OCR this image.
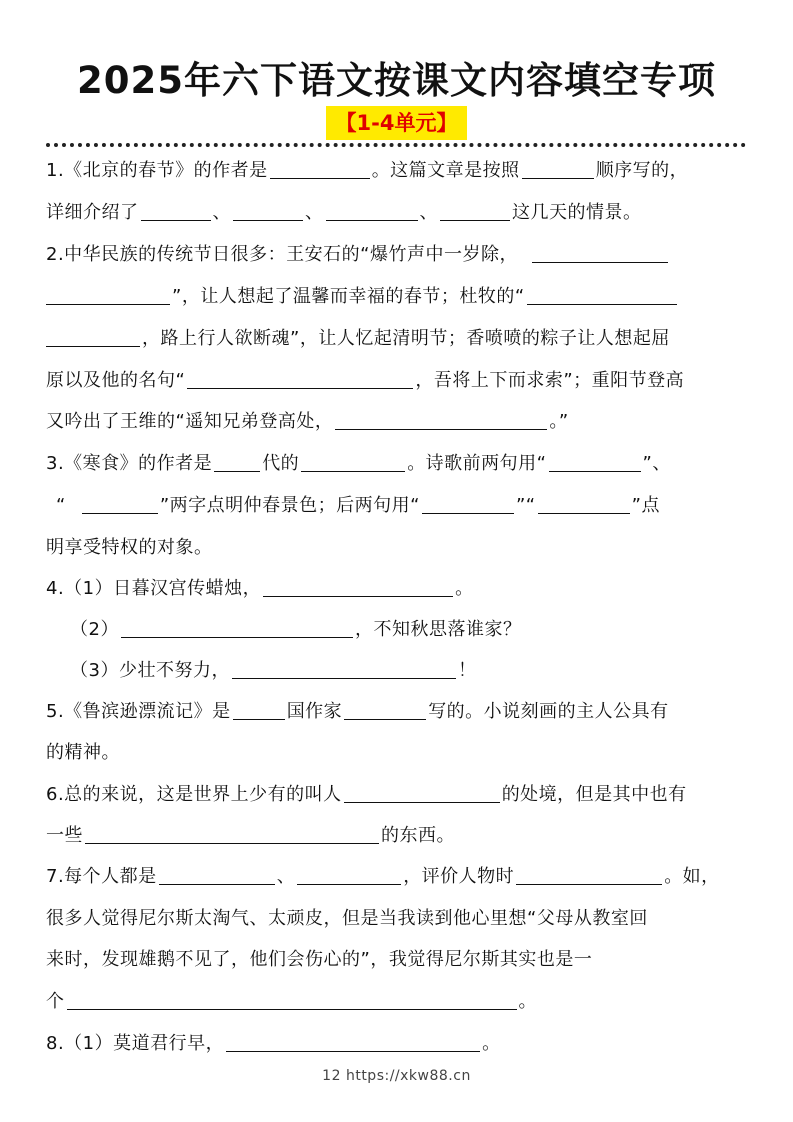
2025年六下语文按课文内容填空专项
【1-4单元】
1.《北京的春节》的作者是	。这篇文章是按照	顺序写的，
详细介绍了	、	、	、	这几天的情景。
2.中华民族的传统节日很多：王安石的“爆竹声中一岁除，
”，让人想起了温馨而幸福的春节；杜牧的“
，路上行人欲断魂”，让人忆起清明节；香喷喷的粽子让人想起屈
原以及他的名句“	，吾将上下而求索”；重阳节登高
又吟出了王维的“遥知兄弟登高处，	。”
3.《寒食》的作者是	代的	。诗歌前两句用“	”、
“	”两字点明仲春景色；后两句用“	”“	”点
明享受特权的对象。
4.（1）日暮汉宫传蜡烛，	。
（2）	，不知秋思落谁家？
（3）少壮不努力，	！
5.《鲁滨逊漂流记》是	国作家	写的。小说刻画的主人公具有
的精神。
6.总的来说，这是世界上少有的叫人	的处境，但是其中也有
一些	的东西。
7.每个人都是	、	，评价人物时	。如，
很多人觉得尼尔斯太淘气、太顽皮，但是当我读到他心里想“父母从教室回
来时，发现雄鹅不见了，他们会伤心的”，我觉得尼尔斯其实也是一
个	。
8.（1）莫道君行早，	。
12 https://xkw88.cn
